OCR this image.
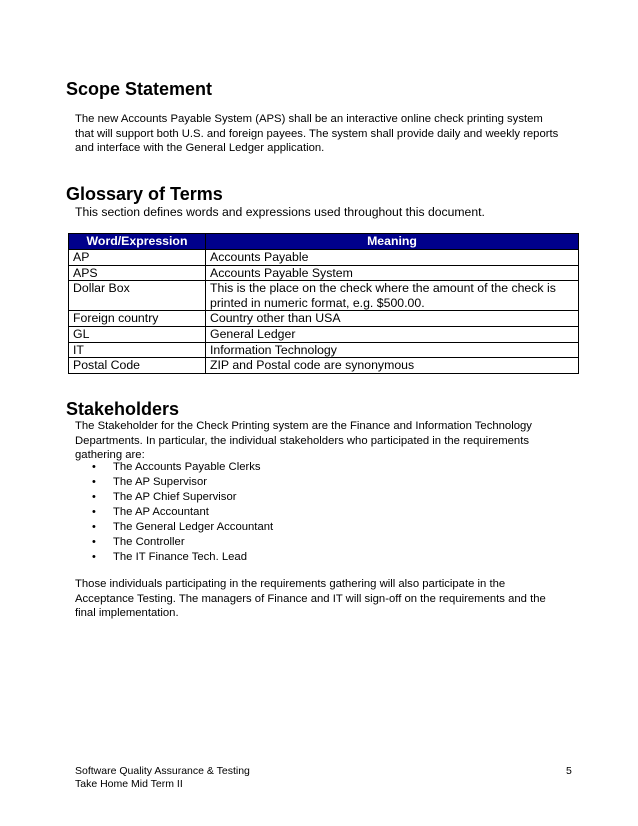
Scope Statement
The new Accounts Payable System (APS) shall be an interactive online check printing system
that will support both U.S. and foreign payees. The system shall provide daily and weekly reports
and interface with the General Ledger application.
Glossary of Terms
This section defines words and expressions used throughout this document.
Word/Expression	Meaning
AP	Accounts Payable
APS	Accounts Payable System
Dollar Box	This is the place on the check where the amount of the check is printed in numeric format, e.g. $500.00.
Foreign country	Country other than USA
GL	General Ledger
IT	Information Technology
Postal Code	ZIP and Postal code are synonymous
Stakeholders
The Stakeholder for the Check Printing system are the Finance and Information Technology
Departments. In particular, the individual stakeholders who participated in the requirements
gathering are:
• The Accounts Payable Clerks
• The AP Supervisor
• The AP Chief Supervisor
• The AP Accountant
• The General Ledger Accountant
• The Controller
• The IT Finance Tech. Lead
Those individuals participating in the requirements gathering will also participate in the
Acceptance Testing. The managers of Finance and IT will sign-off on the requirements and the
final implementation.
Software Quality Assurance & Testing
Take Home Mid Term II
5
